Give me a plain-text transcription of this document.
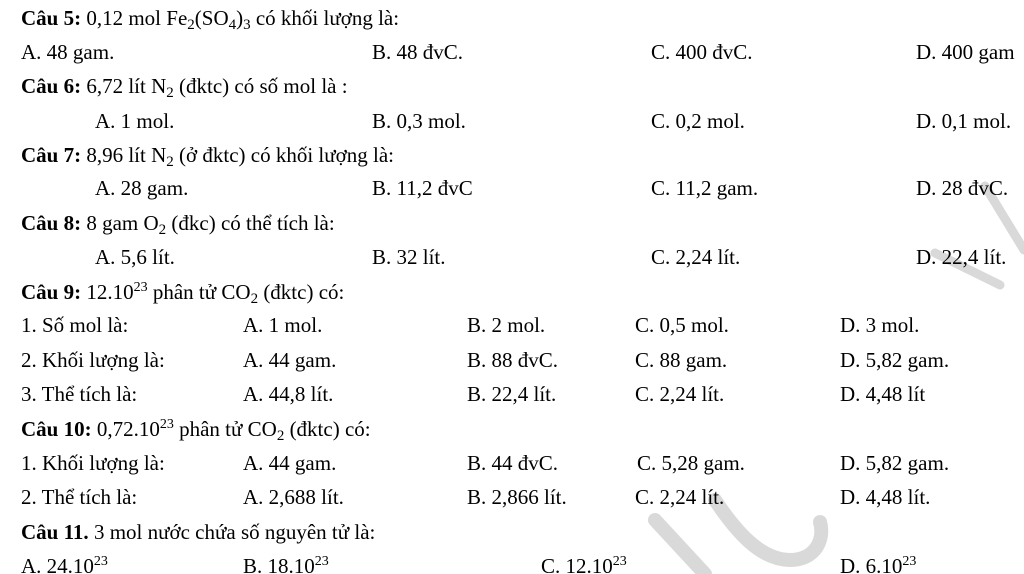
Câu 5: 0,12 mol $Fe_2(SO_4)_3$ có khối lượng là:
A. 48 gam.	B. 48 đvC.	C. 400 đvC.	D. 400 gam
Câu 6: 6,72 lít $N_2$ (đktc) có số mol là :
A. 1 mol.	B. 0,3 mol.	C. 0,2 mol.	D. 0,1 mol.
Câu 7: 8,96 lít $N_2$ (ở đktc) có khối lượng là:
A. 28 gam.	B. 11,2 đvC	C. 11,2 gam.	D. 28 đvC.
Câu 8: 8 gam $O_2$ (đkc) có thể tích là:
A. 5,6 lít.	B. 32 lít.	C. 2,24 lít.	D. 22,4 lít.
Câu 9: 12.10$^{23}$ phân tử $CO_2$ (đktc) có:
1. Số mol là:	A. 1 mol.	B. 2 mol.	C. 0,5 mol.	D. 3 mol.
2. Khối lượng là:	A. 44 gam.	B. 88 đvC.	C. 88 gam.	D. 5,82 gam.
3. Thể tích là:	A. 44,8 lít.	B. 22,4 lít.	C. 2,24 lít.	D. 4,48 lít
Câu 10: 0,72.10$^{23}$ phân tử $CO_2$ (đktc) có:
1. Khối lượng là:	A. 44 gam.	B. 44 đvC.	C. 5,28 gam.	D. 5,82 gam.
2. Thể tích là:	A. 2,688 lít.	B. 2,866 lít.	C. 2,24 lít.	D. 4,48 lít.
Câu 11. 3 mol nước chứa số nguyên tử là:
A. 24.10$^{23}$	B. 18.10$^{23}$	C. 12.10$^{23}$	D. 6.10$^{23}$
